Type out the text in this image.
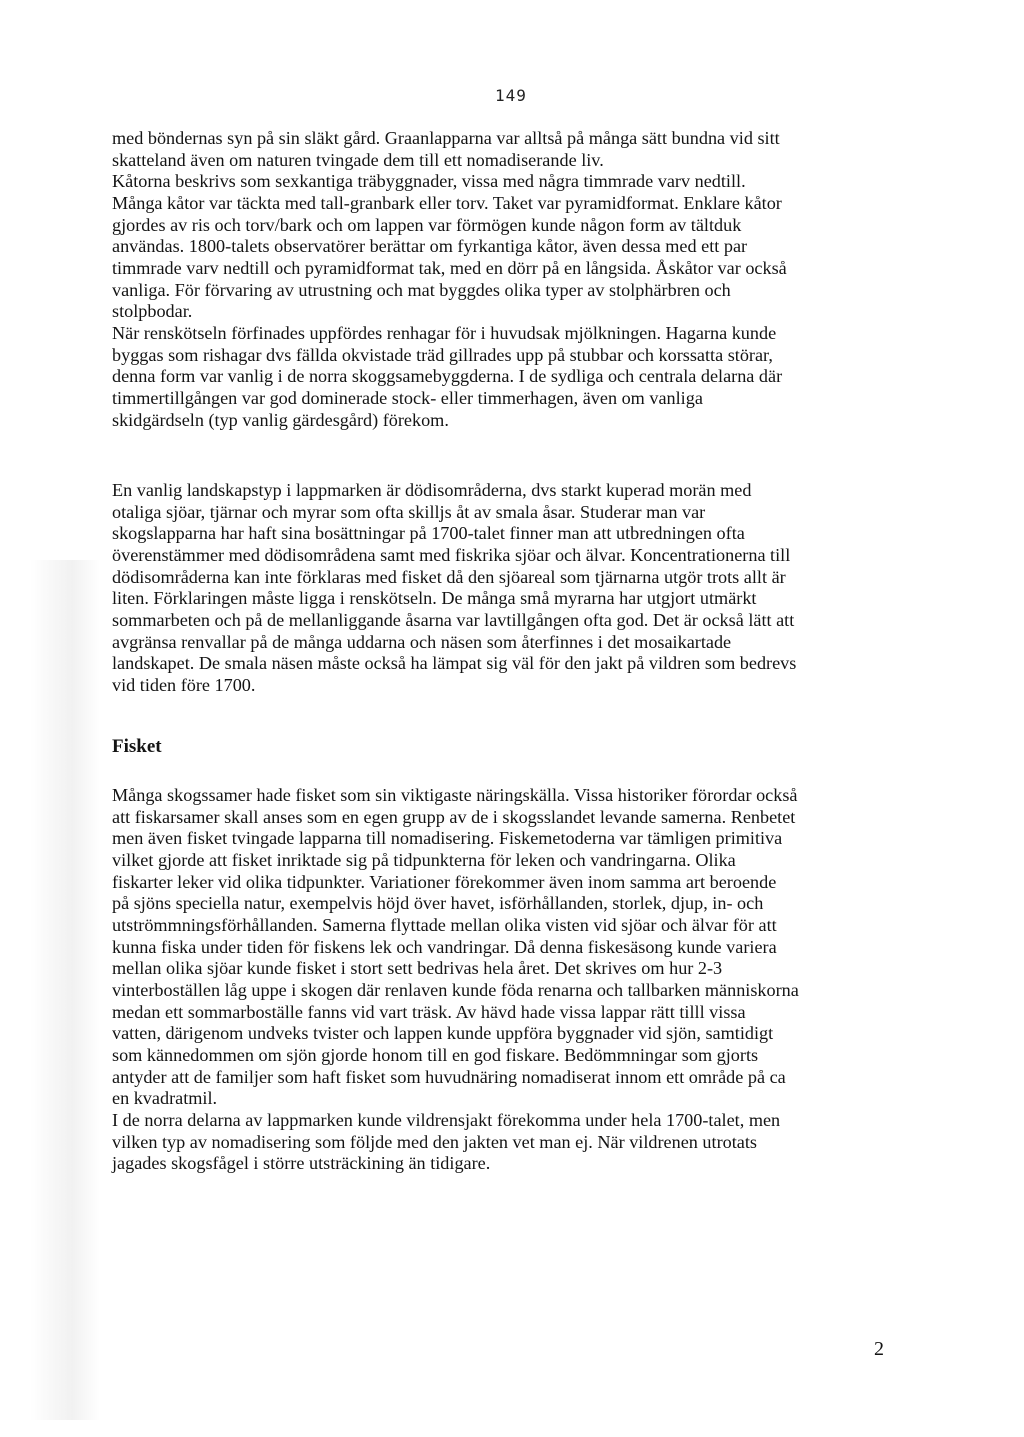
149
med böndernas syn på sin släkt gård. Graanlapparna var alltså på många sätt bundna vid sitt
skatteland även om naturen tvingade dem till ett nomadiserande liv.
Kåtorna beskrivs som sexkantiga träbyggnader, vissa med några timmrade varv nedtill.
Många kåtor var täckta med tall-granbark eller torv. Taket var pyramidformat. Enklare kåtor
gjordes av ris och torv/bark och om lappen var förmögen kunde någon form av tältduk
användas. 1800-talets observatörer berättar om fyrkantiga kåtor, även dessa med ett par
timmrade varv nedtill och pyramidformat tak, med en dörr på en långsida. Åskåtor var också
vanliga. För förvaring av utrustning och mat byggdes olika typer av stolphärbren och
stolpbodar.
När renskötseln förfinades uppfördes renhagar för i huvudsak mjölkningen. Hagarna kunde
byggas som rishagar dvs fällda okvistade träd gillrades upp på stubbar och korssatta störar,
denna form var vanlig i de norra skoggsamebyggderna. I de sydliga och centrala delarna där
timmertillgången var god dominerade stock- eller timmerhagen, även om vanliga
skidgärdseln (typ vanlig gärdesgård) förekom.
En vanlig landskapstyp i lappmarken är dödisområderna, dvs starkt kuperad morän med
otaliga sjöar, tjärnar och myrar som ofta skilljs åt av smala åsar. Studerar man var
skogslapparna har haft sina bosättningar på 1700-talet finner man att utbredningen ofta
överenstämmer med dödisområdena samt med fiskrika sjöar och älvar. Koncentrationerna till
dödisområderna kan inte förklaras med fisket då den sjöareal som tjärnarna utgör trots allt är
liten. Förklaringen måste ligga i renskötseln. De många små myrarna har utgjort utmärkt
sommarbeten och på de mellanliggande åsarna var lavtillgången ofta god. Det är också lätt att
avgränsa renvallar på de många uddarna och näsen som återfinnes i det mosaikartade
landskapet. De smala näsen måste också ha lämpat sig väl för den jakt på vildren som bedrevs
vid tiden före 1700.
Fisket
Många skogssamer hade fisket som sin viktigaste näringskälla. Vissa historiker förordar också
att fiskarsamer skall anses som en egen grupp av de i skogsslandet levande samerna. Renbetet
men även fisket tvingade lapparna till nomadisering. Fiskemetoderna var tämligen primitiva
vilket gjorde att fisket inriktade sig på tidpunkterna för leken och vandringarna. Olika
fiskarter leker vid olika tidpunkter. Variationer förekommer även inom samma art beroende
på sjöns speciella natur, exempelvis höjd över havet, isförhållanden, storlek, djup, in- och
utströmmningsförhållanden. Samerna flyttade mellan olika visten vid sjöar och älvar för att
kunna fiska under tiden för fiskens lek och vandringar. Då denna fiskesäsong kunde variera
mellan olika sjöar kunde fisket i stort sett bedrivas hela året. Det skrives om hur 2-3
vinterboställen låg uppe i skogen där renlaven kunde föda renarna och tallbarken människorna
medan ett sommarboställe fanns vid vart träsk. Av hävd hade vissa lappar rätt tilll vissa
vatten, därigenom undveks tvister och lappen kunde uppföra byggnader vid sjön, samtidigt
som kännedommen om sjön gjorde honom till en god fiskare. Bedömmningar som gjorts
antyder att de familjer som haft fisket som huvudnäring nomadiserat innom ett område på ca
en kvadratmil.
I de norra delarna av lappmarken kunde vildrensjakt förekomma under hela 1700-talet, men
vilken typ av nomadisering som följde med den jakten vet man ej. När vildrenen utrotats
jagades skogsfågel i större utsträckining än tidigare.
2
